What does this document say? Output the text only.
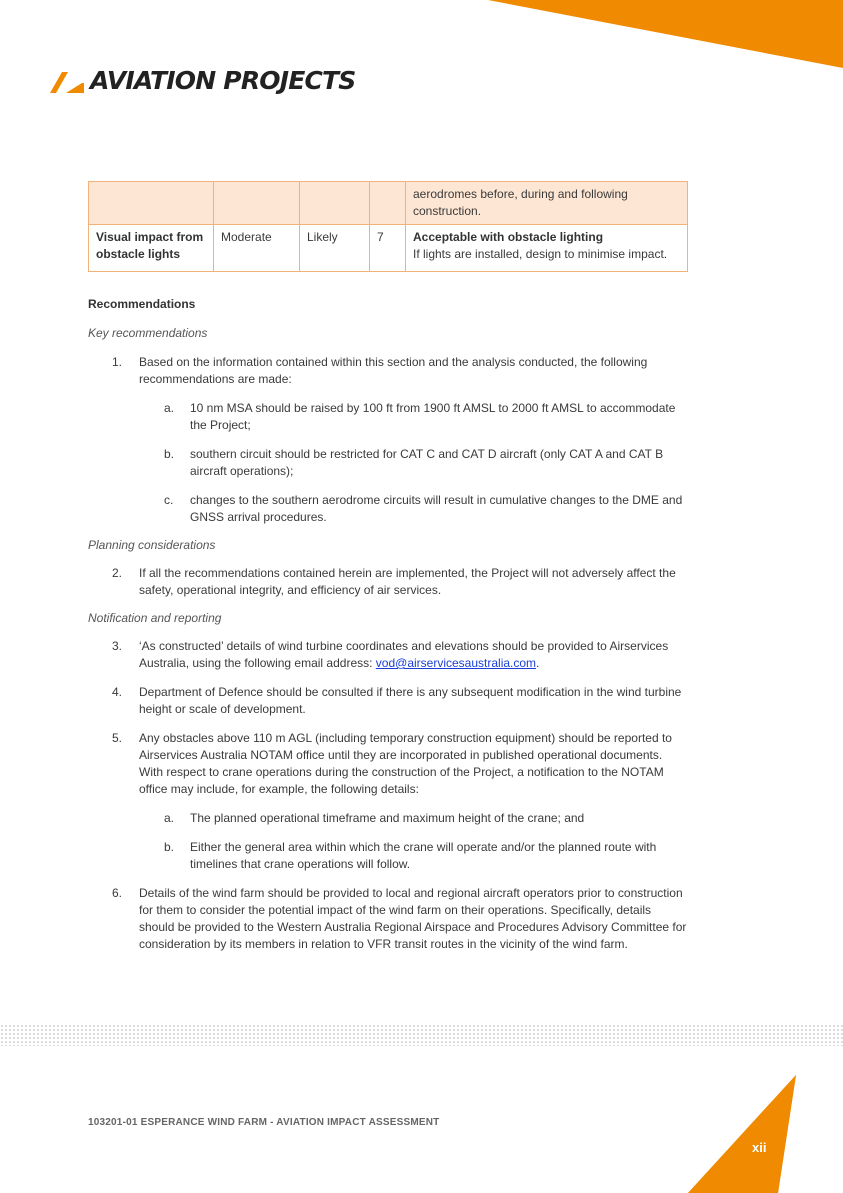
AVIATION PROJECTS
				aerodromes before, during and following construction.
Visual impact from obstacle lights	Moderate	Likely	7	Acceptable with obstacle lighting
If lights are installed, design to minimise impact.
Recommendations
Key recommendations
1. Based on the information contained within this section and the analysis conducted, the following recommendations are made:
a. 10 nm MSA should be raised by 100 ft from 1900 ft AMSL to 2000 ft AMSL to accommodate the Project;
b. southern circuit should be restricted for CAT C and CAT D aircraft (only CAT A and CAT B aircraft operations);
c. changes to the southern aerodrome circuits will result in cumulative changes to the DME and GNSS arrival procedures.
Planning considerations
2. If all the recommendations contained herein are implemented, the Project will not adversely affect the safety, operational integrity, and efficiency of air services.
Notification and reporting
3. ‘As constructed’ details of wind turbine coordinates and elevations should be provided to Airservices Australia, using the following email address: vod@airservicesaustralia.com.
4. Department of Defence should be consulted if there is any subsequent modification in the wind turbine height or scale of development.
5. Any obstacles above 110 m AGL (including temporary construction equipment) should be reported to Airservices Australia NOTAM office until they are incorporated in published operational documents. With respect to crane operations during the construction of the Project, a notification to the NOTAM office may include, for example, the following details:
a. The planned operational timeframe and maximum height of the crane; and
b. Either the general area within which the crane will operate and/or the planned route with timelines that crane operations will follow.
6. Details of the wind farm should be provided to local and regional aircraft operators prior to construction for them to consider the potential impact of the wind farm on their operations. Specifically, details should be provided to the Western Australia Regional Airspace and Procedures Advisory Committee for consideration by its members in relation to VFR transit routes in the vicinity of the wind farm.
103201-01 ESPERANCE WIND FARM - AVIATION IMPACT ASSESSMENT
xii
